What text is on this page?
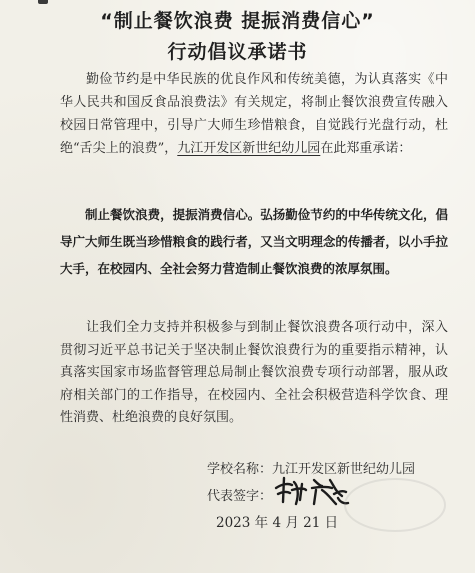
“制止餐饮浪费 提振消费信心”
行动倡议承诺书

勤俭节约是中华民族的优良作风和传统美德，为认真落实《中华人民共和国反食品浪费法》有关规定，将制止餐饮浪费宣传融入校园日常管理中，引导广大师生珍惜粮食，自觉践行光盘行动，杜绝“舌尖上的浪费”，九江开发区新世纪幼儿园在此郑重承诺：

制止餐饮浪费，提振消费信心。弘扬勤俭节约的中华传统文化，倡导广大师生既当珍惜粮食的践行者，又当文明理念的传播者，以小手拉大手，在校园内、全社会努力营造制止餐饮浪费的浓厚氛围。

让我们全力支持并积极参与到制止餐饮浪费各项行动中，深入贯彻习近平总书记关于坚决制止餐饮浪费行为的重要指示精神，认真落实国家市场监督管理总局制止餐饮浪费专项行动部署，服从政府相关部门的工作指导，在校园内、全社会积极营造科学饮食、理性消费、杜绝浪费的良好氛围。

学校名称：九江开发区新世纪幼儿园

代表签字：

2023 年 4 月 21 日
